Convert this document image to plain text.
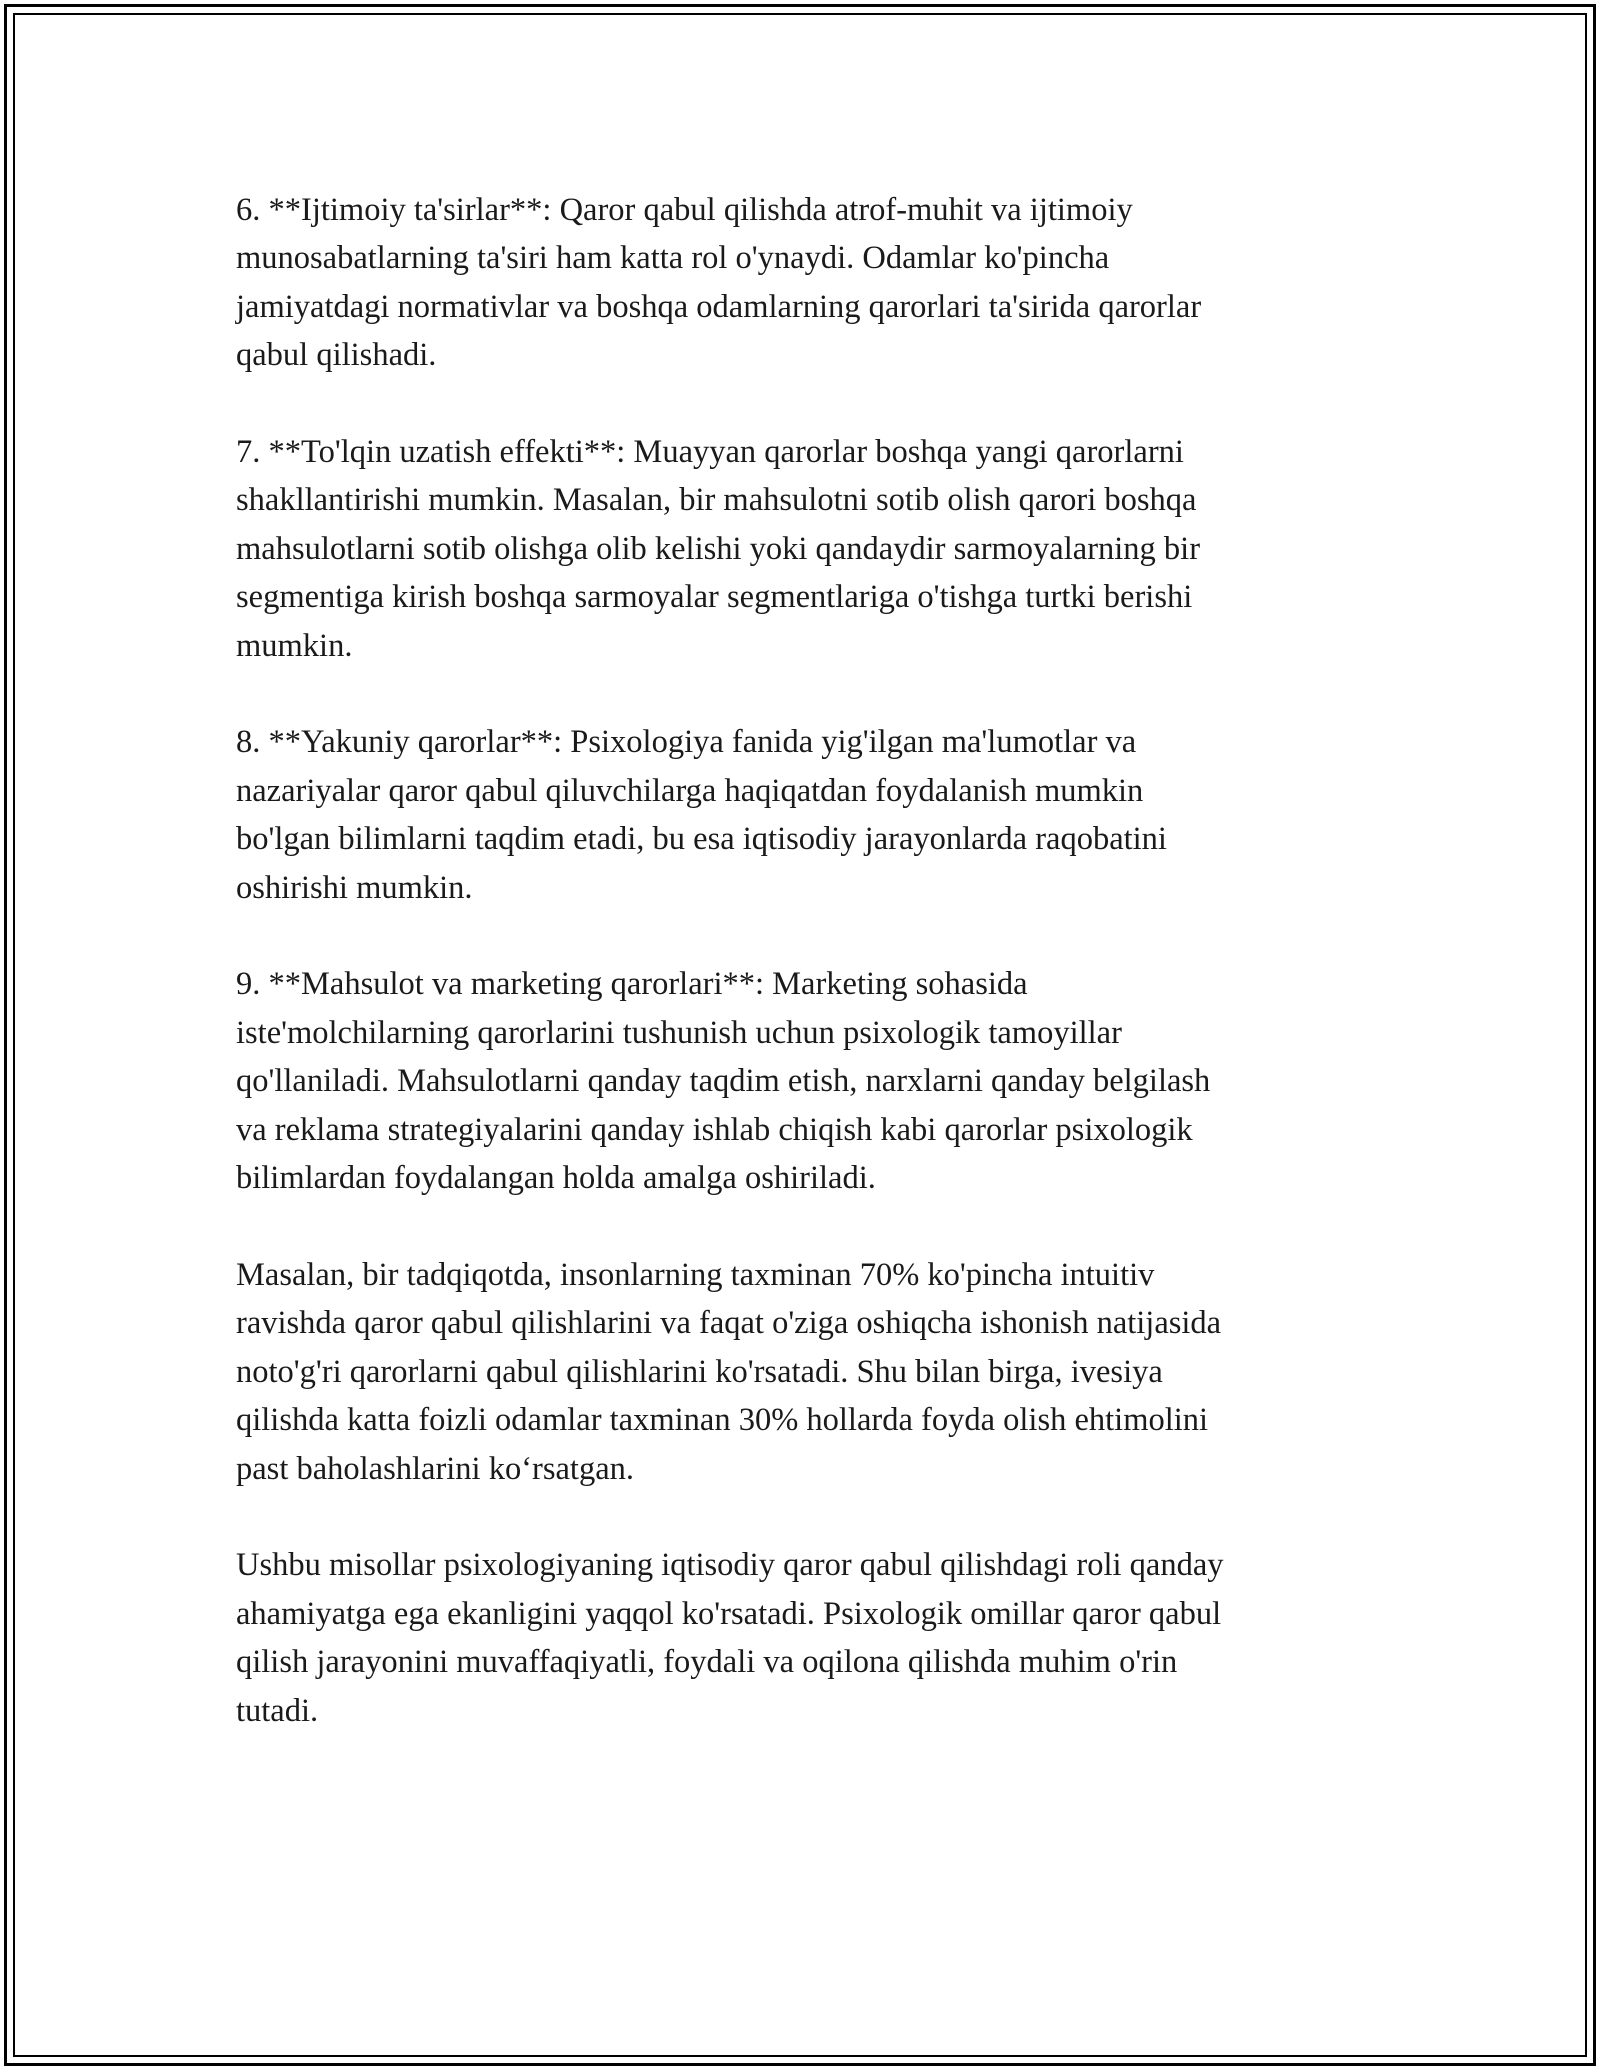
6. **Ijtimoiy ta'sirlar**: Qaror qabul qilishda atrof-muhit va ijtimoiy
munosabatlarning ta'siri ham katta rol o'ynaydi. Odamlar ko'pincha
jamiyatdagi normativlar va boshqa odamlarning qarorlari ta'sirida qarorlar
qabul qilishadi.

7. **To'lqin uzatish effekti**: Muayyan qarorlar boshqa yangi qarorlarni
shakllantirishi mumkin. Masalan, bir mahsulotni sotib olish qarori boshqa
mahsulotlarni sotib olishga olib kelishi yoki qandaydir sarmoyalarning bir
segmentiga kirish boshqa sarmoyalar segmentlariga o'tishga turtki berishi
mumkin.

8. **Yakuniy qarorlar**: Psixologiya fanida yig'ilgan ma'lumotlar va
nazariyalar qaror qabul qiluvchilarga haqiqatdan foydalanish mumkin
bo'lgan bilimlarni taqdim etadi, bu esa iqtisodiy jarayonlarda raqobatini
oshirishi mumkin.

9. **Mahsulot va marketing qarorlari**: Marketing sohasida
iste'molchilarning qarorlarini tushunish uchun psixologik tamoyillar
qo'llaniladi. Mahsulotlarni qanday taqdim etish, narxlarni qanday belgilash
va reklama strategiyalarini qanday ishlab chiqish kabi qarorlar psixologik
bilimlardan foydalangan holda amalga oshiriladi.

Masalan, bir tadqiqotda, insonlarning taxminan 70% ko'pincha intuitiv
ravishda qaror qabul qilishlarini va faqat o'ziga oshiqcha ishonish natijasida
noto'g'ri qarorlarni qabul qilishlarini ko'rsatadi. Shu bilan birga, ivesiya
qilishda katta foizli odamlar taxminan 30% hollarda foyda olish ehtimolini
past baholashlarini ko‘rsatgan.

Ushbu misollar psixologiyaning iqtisodiy qaror qabul qilishdagi roli qanday
ahamiyatga ega ekanligini yaqqol ko'rsatadi. Psixologik omillar qaror qabul
qilish jarayonini muvaffaqiyatli, foydali va oqilona qilishda muhim o'rin
tutadi.
